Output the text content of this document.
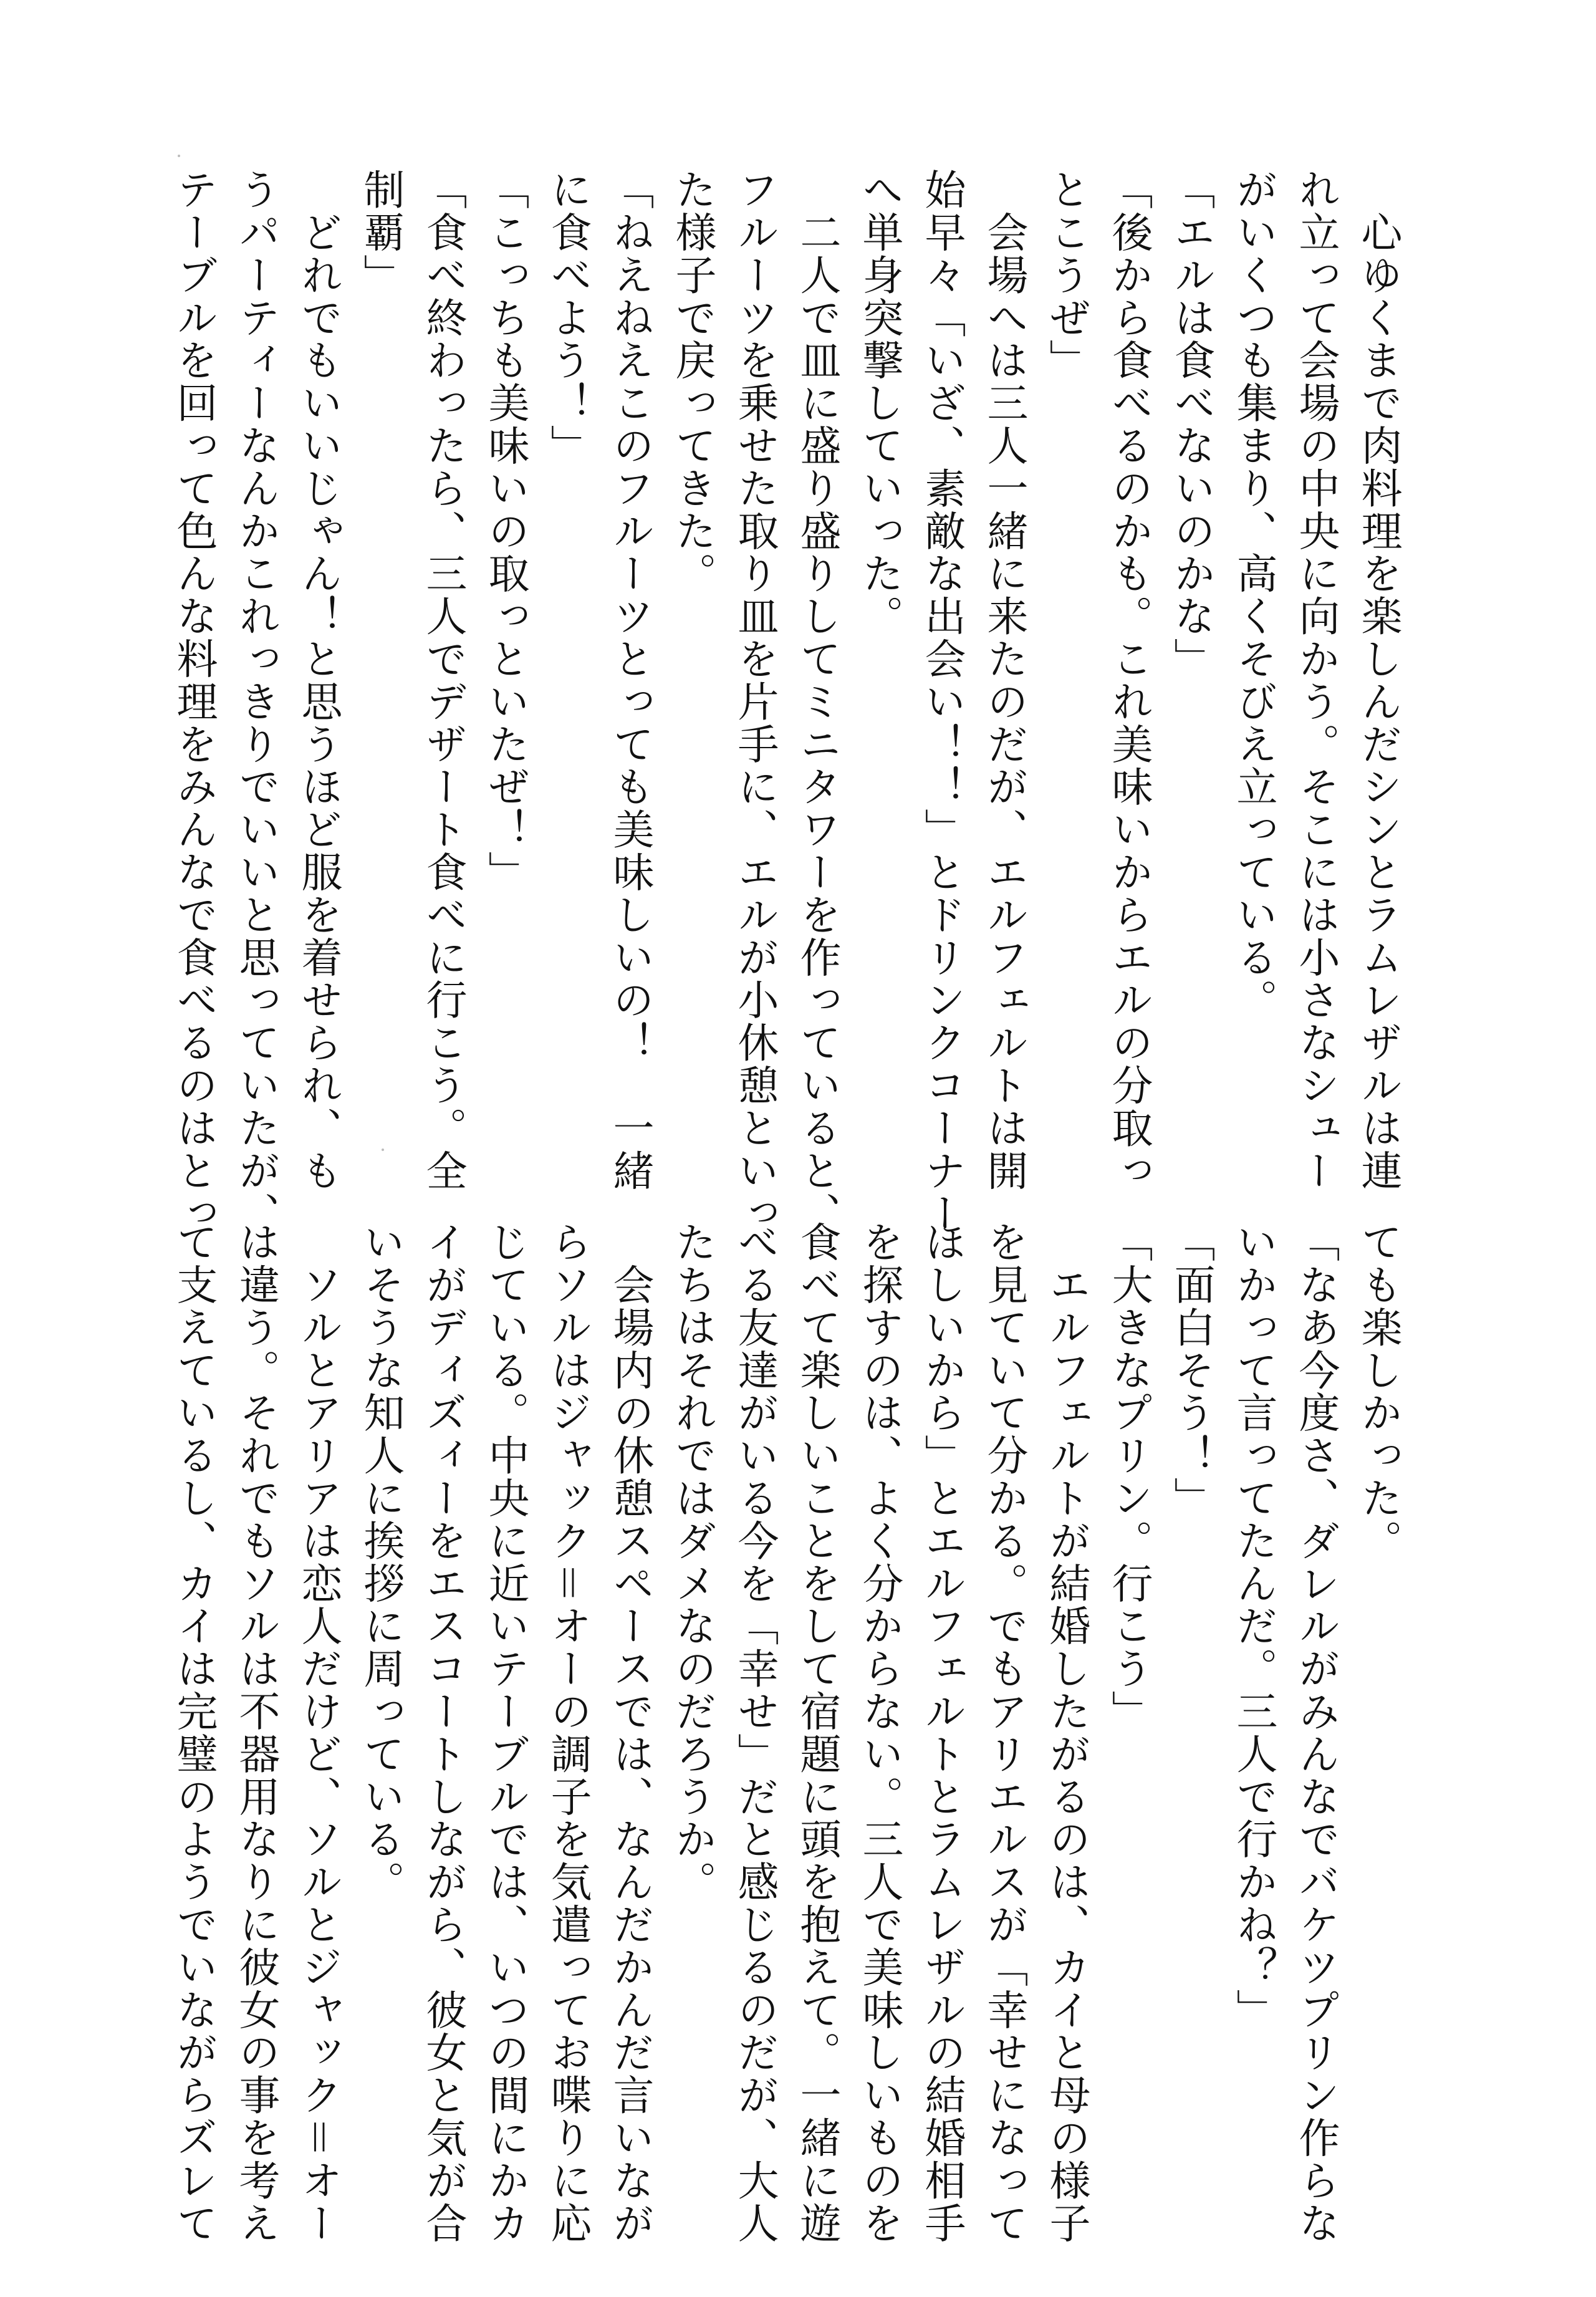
　心ゆくまで肉料理を楽しんだシンとラムレザルは連
れ立って会場の中央に向かう。そこには小さなシュー
がいくつも集まり、高くそびえ立っている。
「エルは食べないのかな」
「後から食べるのかも。これ美味いからエルの分取っ
とこうぜ」
　会場へは三人一緒に来たのだが、エルフェルトは開
始早々「いざ、素敵な出会い！！」とドリンクコーナー
へ単身突撃していった。
　二人で皿に盛り盛りしてミニタワーを作っていると、
フルーツを乗せた取り皿を片手に、エルが小休憩といっ
た様子で戻ってきた。
「ねえねえこのフルーツとっても美味しいの！　一緒
に食べよう！」
「こっちも美味いの取っといたぜ！」
「食べ終わったら、三人でデザート食べに行こう。全
制覇」
　どれでもいいじゃん！と思うほど服を着せられ、も
うパーティーなんかこれっきりでいいと思っていたが、
テーブルを回って色んな料理をみんなで食べるのはとっ
ても楽しかった。
「なあ今度さ、ダレルがみんなでバケツプリン作らな
いかって言ってたんだ。三人で行かね？」
「面白そう！」
「大きなプリン。行こう」
　エルフェルトが結婚したがるのは、カイと母の様子
を見ていて分かる。でもアリエルスが「幸せになって
ほしいから」とエルフェルトとラムレザルの結婚相手
を探すのは、よく分からない。三人で美味しいものを
食べて楽しいことをして宿題に頭を抱えて。一緒に遊
べる友達がいる今を「幸せ」だと感じるのだが、大人
たちはそれではダメなのだろうか。
　会場内の休憩スペースでは、なんだかんだ言いなが
らソルはジャック＝オーの調子を気遣ってお喋りに応
じている。中央に近いテーブルでは、いつの間にかカ
イがディズィーをエスコートしながら、彼女と気が合
いそうな知人に挨拶に周っている。
　ソルとアリアは恋人だけど、ソルとジャック＝オー
は違う。それでもソルは不器用なりに彼女の事を考え
て支えているし、カイは完璧のようでいながらズレて
